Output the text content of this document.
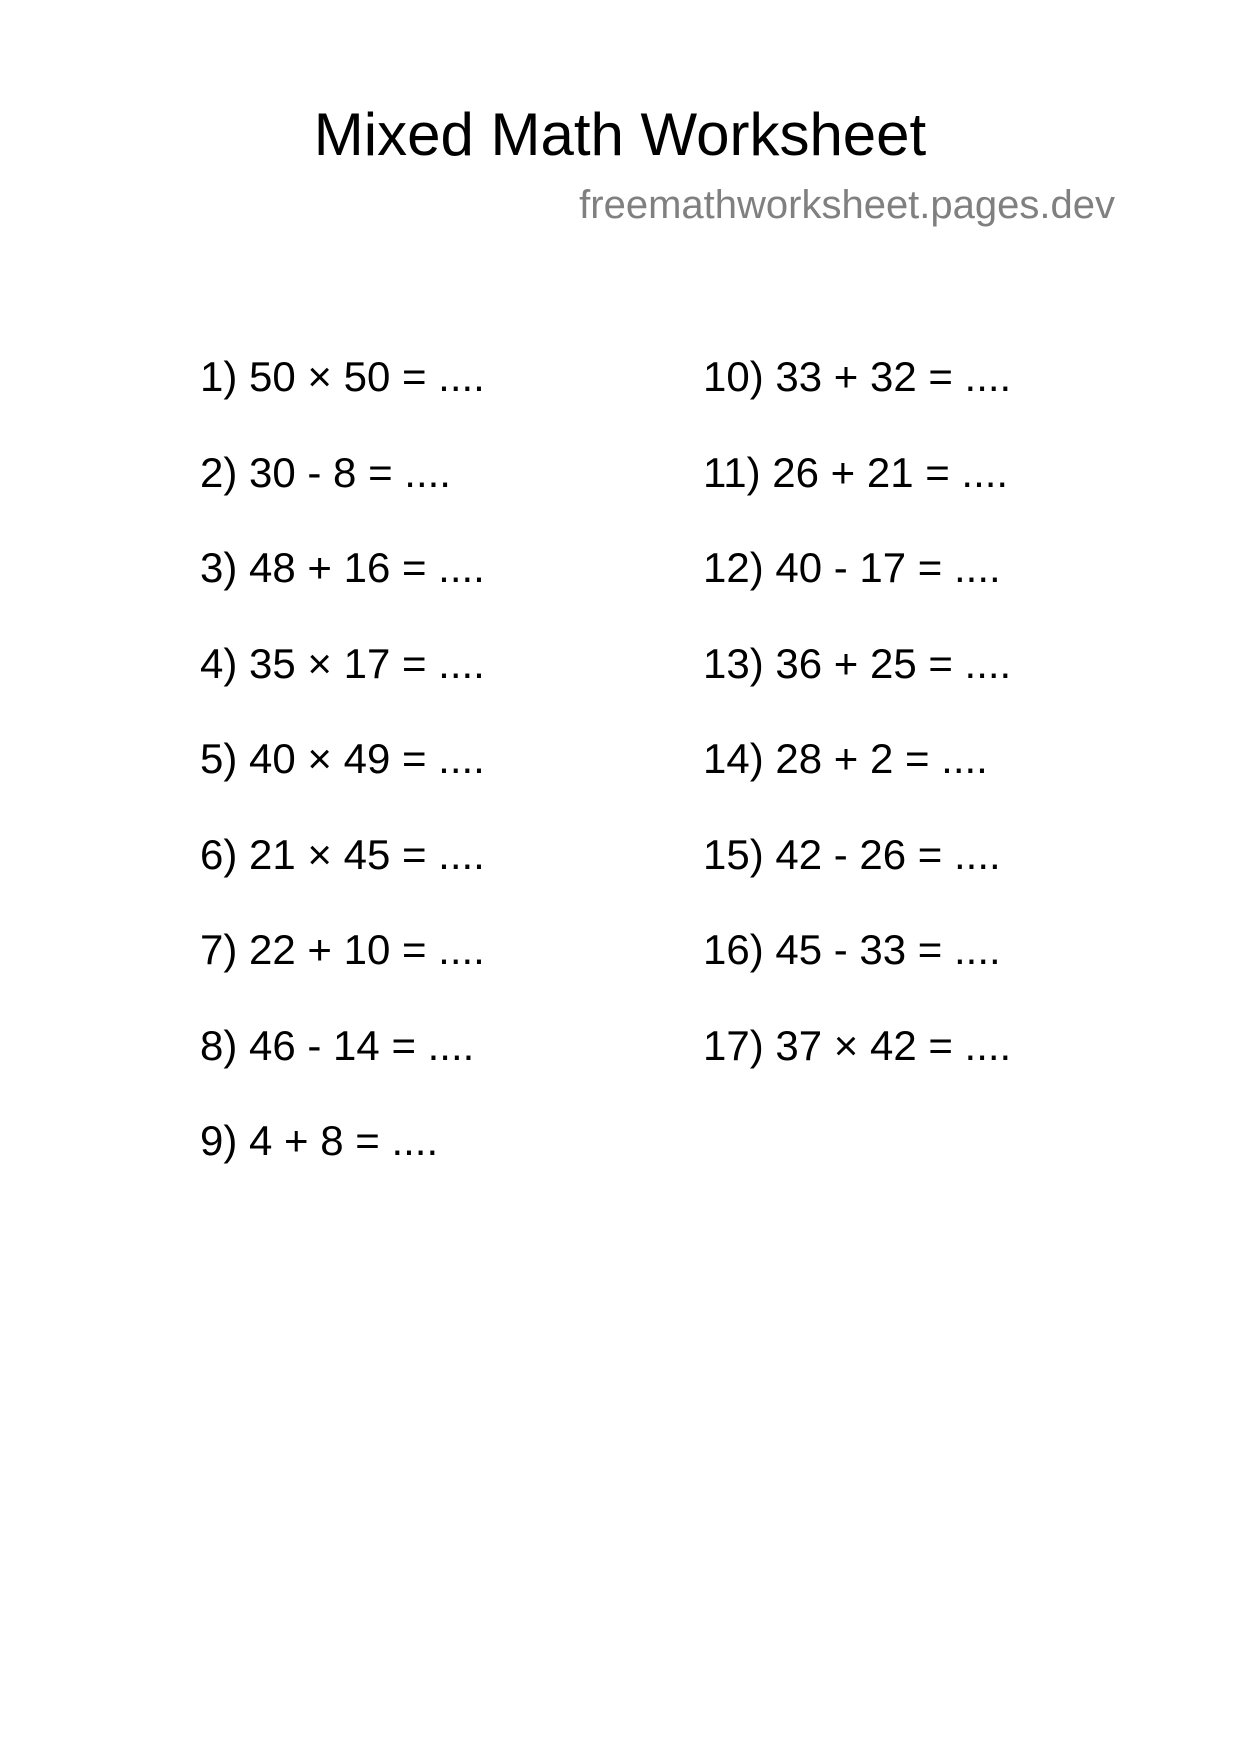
Mixed Math Worksheet
freemathworksheet.pages.dev
1) 50 × 50 = ....
2) 30 - 8 = ....
3) 48 + 16 = ....
4) 35 × 17 = ....
5) 40 × 49 = ....
6) 21 × 45 = ....
7) 22 + 10 = ....
8) 46 - 14 = ....
9) 4 + 8 = ....
10) 33 + 32 = ....
11) 26 + 21 = ....
12) 40 - 17 = ....
13) 36 + 25 = ....
14) 28 + 2 = ....
15) 42 - 26 = ....
16) 45 - 33 = ....
17) 37 × 42 = ....
